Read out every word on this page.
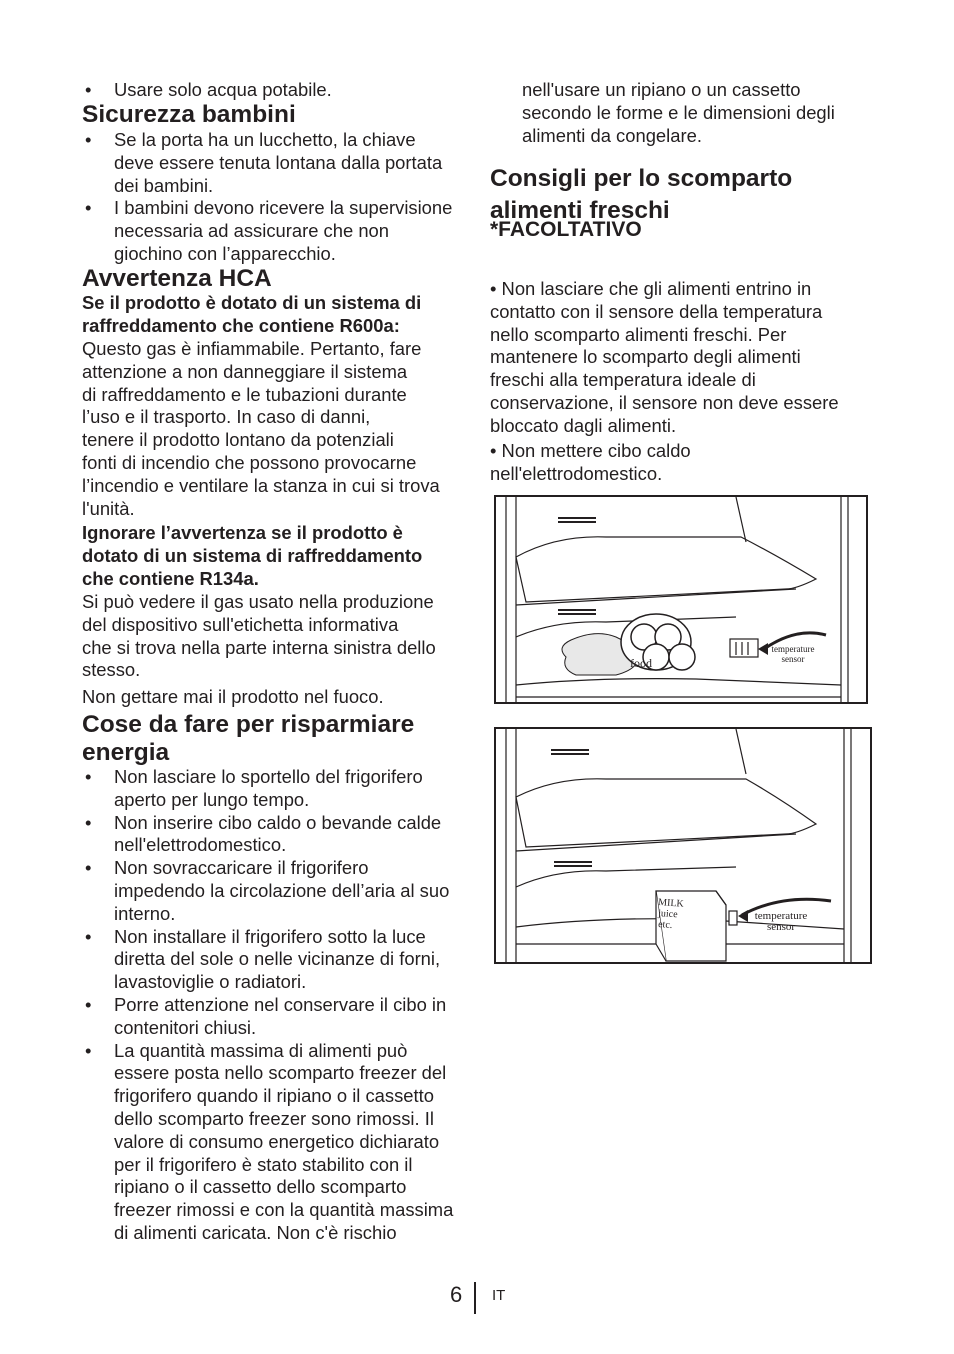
• Usare solo acqua potabile.
Sicurezza bambini
• Se la porta ha un lucchetto, la chiave
deve essere tenuta lontana dalla portata
dei bambini.
• I bambini devono ricevere la supervisione
necessaria ad assicurare che non
giochino con l’apparecchio.
Avvertenza HCA
Se il prodotto è dotato di un sistema di
raffreddamento che contiene R600a:
Questo gas è infiammabile. Pertanto, fare
attenzione a non danneggiare il sistema
di raffreddamento e le tubazioni durante
l’uso e il trasporto. In caso di danni,
tenere il prodotto lontano da potenziali
fonti di incendio che possono provocarne
l’incendio e ventilare la stanza in cui si trova
l'unità.
Ignorare l’avvertenza se il prodotto è
dotato di un sistema di raffreddamento
che contiene R134a.
Si può vedere il gas usato nella produzione
del dispositivo sull'etichetta informativa
che si trova nella parte interna sinistra dello
stesso.
Non gettare mai il prodotto nel fuoco.
Cose da fare per risparmiare
energia
• Non lasciare lo sportello del frigorifero
aperto per lungo tempo.
• Non inserire cibo caldo o bevande calde
nell'elettrodomestico.
• Non sovraccaricare il frigorifero
impedendo la circolazione dell’aria al suo
interno.
• Non installare il frigorifero sotto la luce
diretta del sole o nelle vicinanze di forni,
lavastoviglie o radiatori.
• Porre attenzione nel conservare il cibo in
contenitori chiusi.
• La quantità massima di alimenti può
essere posta nello scomparto freezer del
frigorifero quando il ripiano o il cassetto
dello scomparto freezer sono rimossi. Il
valore di consumo energetico dichiarato
per il frigorifero è stato stabilito con il
ripiano o il cassetto dello scomparto
freezer rimossi e con la quantità massima
di alimenti caricata. Non c'è rischio
nell'usare un ripiano o un cassetto
secondo le forme e le dimensioni degli
alimenti da congelare.
Consigli per lo scomparto
alimenti freschi
*FACOLTATIVO
• Non lasciare che gli alimenti entrino in
contatto con il sensore della temperatura
nello scomparto alimenti freschi. Per
mantenere lo scomparto degli alimenti
freschi alla temperatura ideale di
conservazione, il sensore non deve essere
bloccato dagli alimenti.
• Non mettere cibo caldo
nell'elettrodomestico.
food
temperature
sensor
MILK
juice
etc.
temperature
sensor
6 IT
